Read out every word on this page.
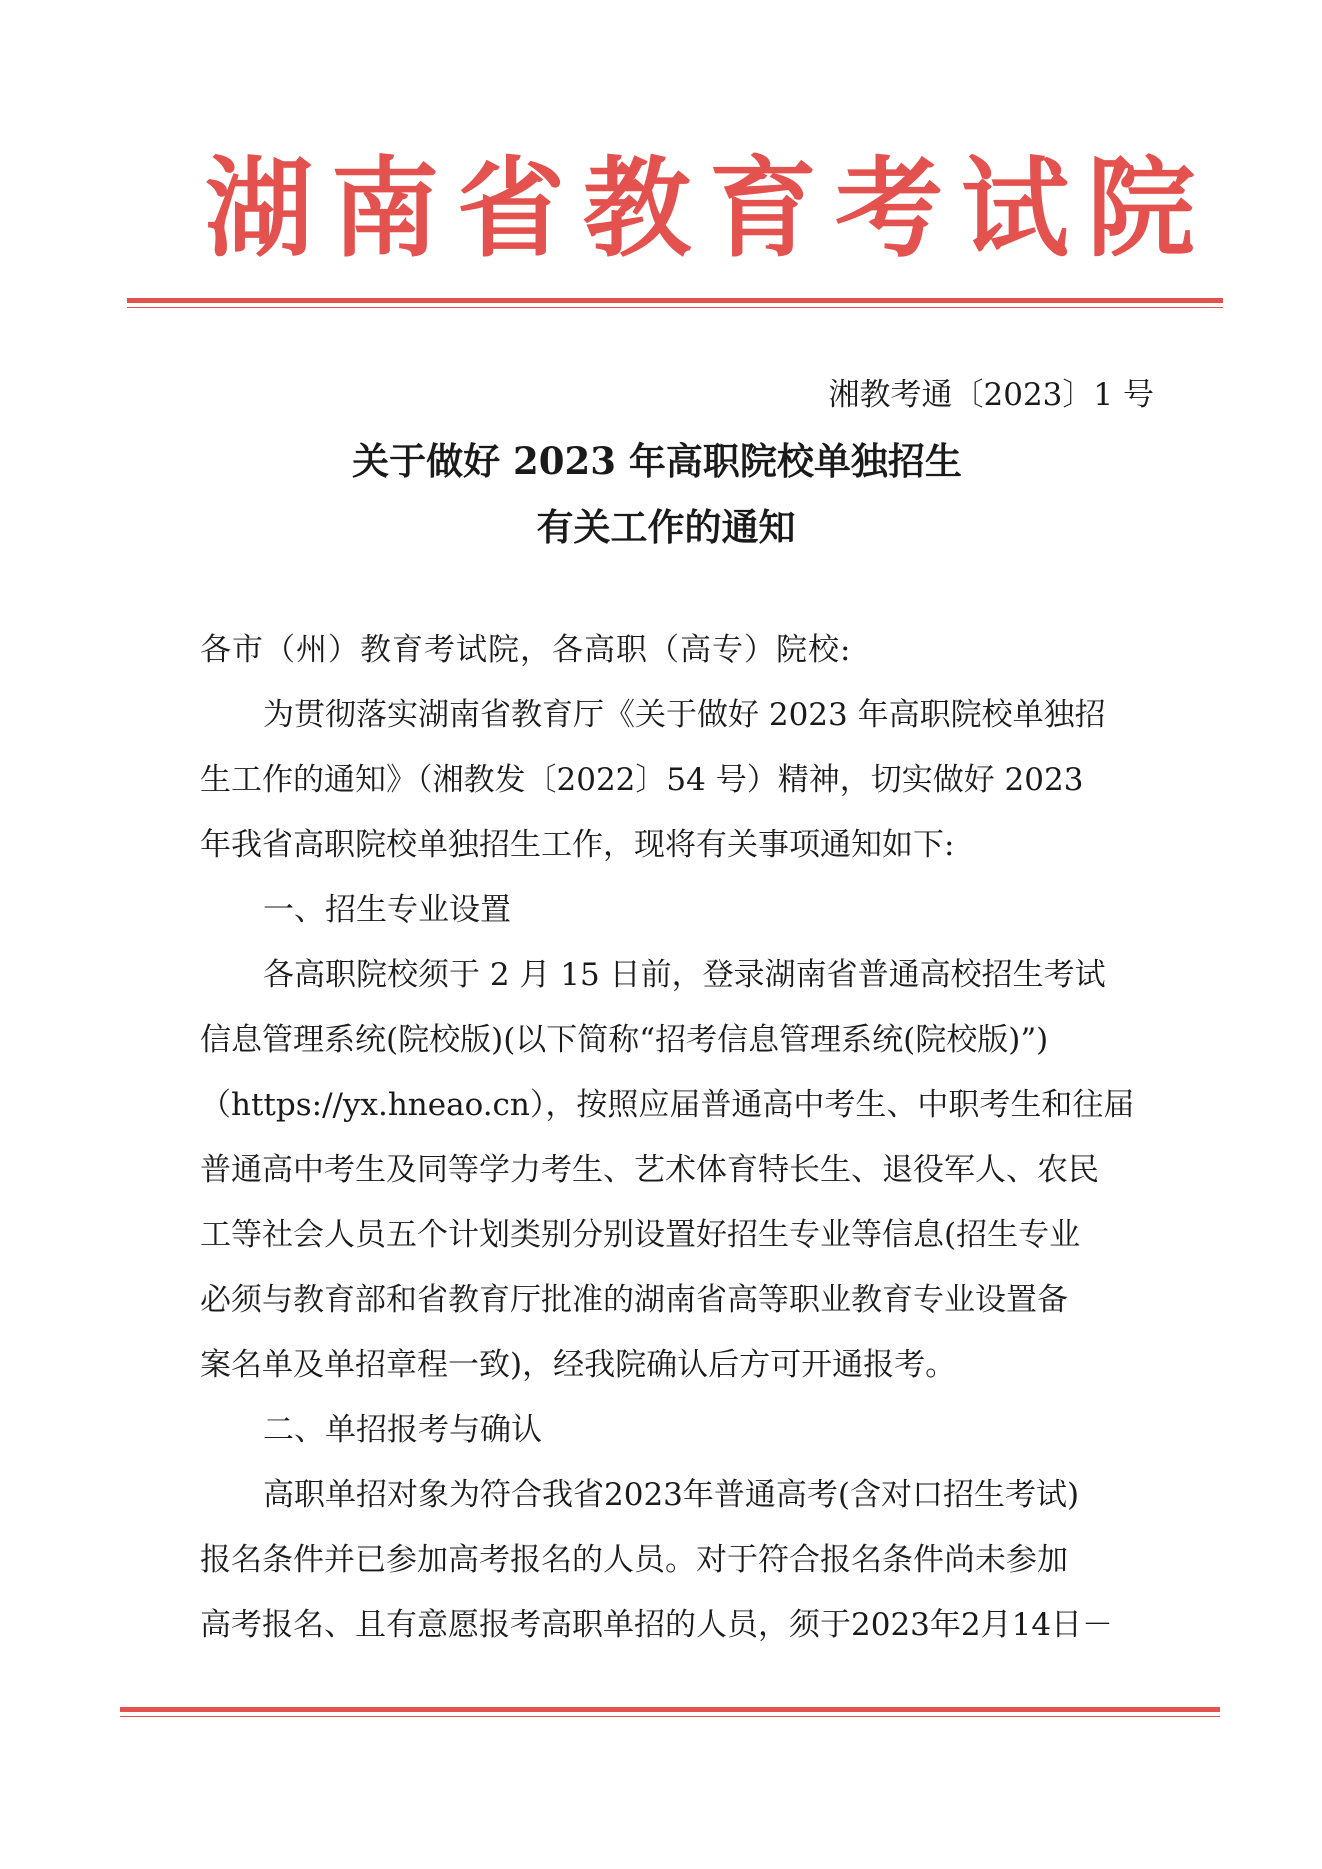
湖南省教育考试院
湘教考通〔2023〕1 号
关于做好 2023 年高职院校单独招生
有关工作的通知

各市（州）教育考试院，各高职（高专）院校:

为贯彻落实湖南省教育厅《关于做好 2023 年高职院校单独招
生工作的通知》（湘教发〔2022〕54 号）精神，切实做好 2023
年我省高职院校单独招生工作，现将有关事项通知如下:

一、招生专业设置

各高职院校须于 2 月 15 日前，登录湖南省普通高校招生考试
信息管理系统(院校版)(以下简称“招考信息管理系统(院校版)”)
（https://yx.hneao.cn），按照应届普通高中考生、中职考生和往届
普通高中考生及同等学力考生、艺术体育特长生、退役军人、农民
工等社会人员五个计划类别分别设置好招生专业等信息(招生专业
必须与教育部和省教育厅批准的湖南省高等职业教育专业设置备
案名单及单招章程一致)，经我院确认后方可开通报考。

二、单招报考与确认

高职单招对象为符合我省2023年普通高考(含对口招生考试)
报名条件并已参加高考报名的人员。对于符合报名条件尚未参加
高考报名、且有意愿报考高职单招的人员，须于2023年2月14日－
